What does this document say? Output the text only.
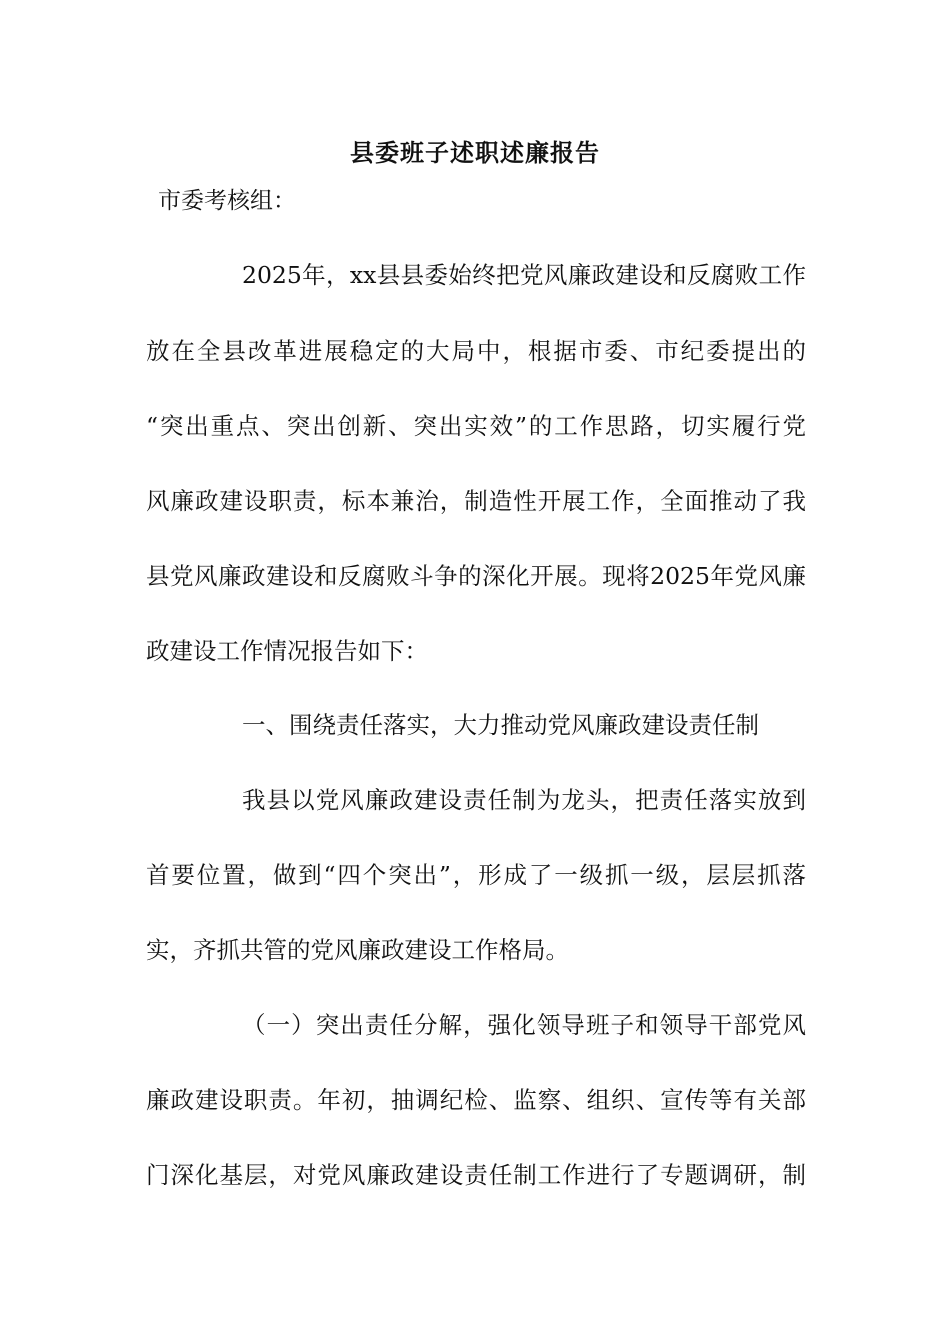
县委班子述职述廉报告
市委考核组：
2025年，xx县县委始终把党风廉政建设和反腐败工作
放在全县改革进展稳定的大局中，根据市委、市纪委提出的
“突出重点、突出创新、突出实效”的工作思路，切实履行党
风廉政建设职责，标本兼治，制造性开展工作，全面推动了我
县党风廉政建设和反腐败斗争的深化开展。现将2025年党风廉
政建设工作情况报告如下：
一、围绕责任落实，大力推动党风廉政建设责任制
我县以党风廉政建设责任制为龙头，把责任落实放到
首要位置，做到“四个突出”，形成了一级抓一级，层层抓落
实，齐抓共管的党风廉政建设工作格局。
（一）突出责任分解，强化领导班子和领导干部党风
廉政建设职责。年初，抽调纪检、监察、组织、宣传等有关部
门深化基层，对党风廉政建设责任制工作进行了专题调研，制
